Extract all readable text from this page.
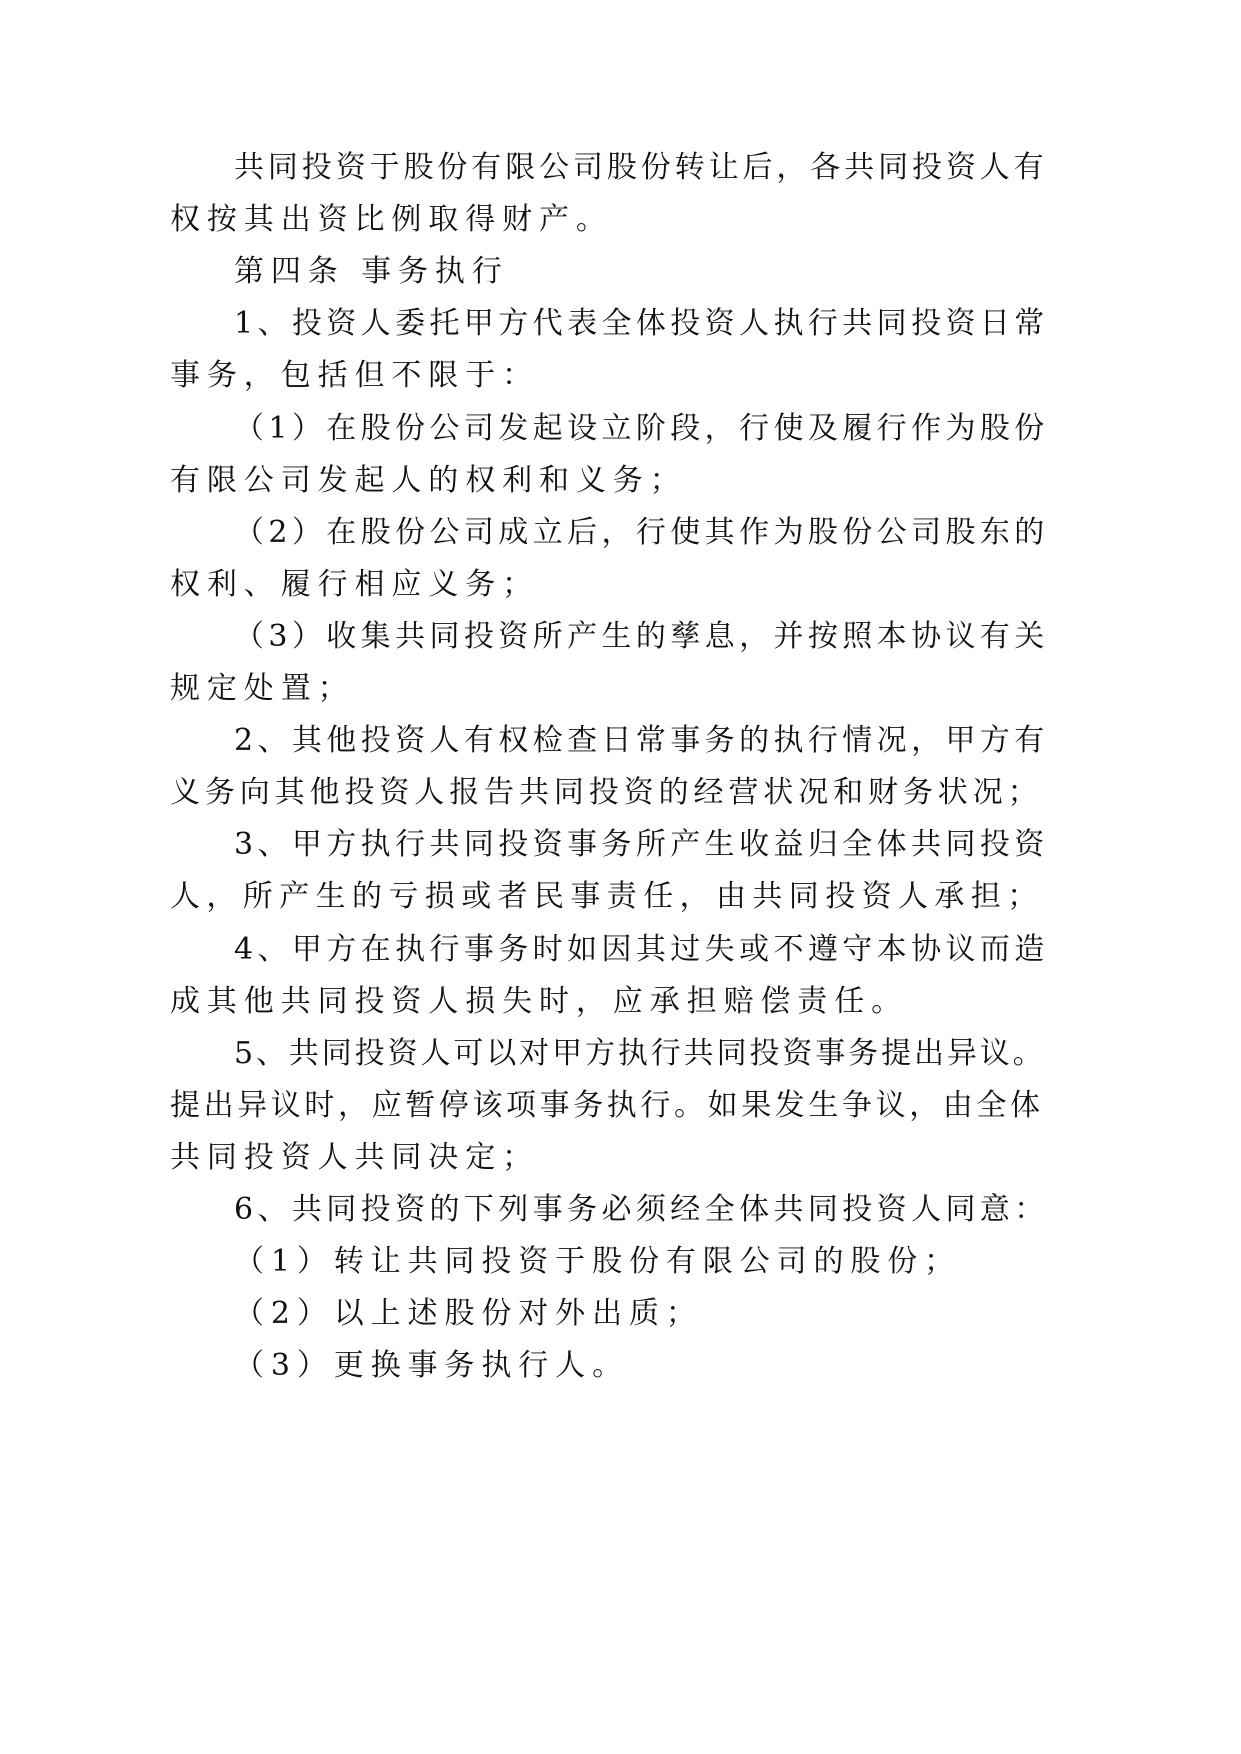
共同投资于股份有限公司股份转让后，各共同投资人有

权按其出资比例取得财产。

第四条 事务执行

1、投资人委托甲方代表全体投资人执行共同投资日常

事务，包括但不限于：

（1）在股份公司发起设立阶段，行使及履行作为股份

有限公司发起人的权利和义务；

（2）在股份公司成立后，行使其作为股份公司股东的

权利、履行相应义务；

（3）收集共同投资所产生的孳息，并按照本协议有关

规定处置；

2、其他投资人有权检查日常事务的执行情况，甲方有

义务向其他投资人报告共同投资的经营状况和财务状况；

3、甲方执行共同投资事务所产生收益归全体共同投资

人，所产生的亏损或者民事责任，由共同投资人承担；

4、甲方在执行事务时如因其过失或不遵守本协议而造

成其他共同投资人损失时，应承担赔偿责任。

5、共同投资人可以对甲方执行共同投资事务提出异议。

提出异议时，应暂停该项事务执行。如果发生争议，由全体

共同投资人共同决定；

6、共同投资的下列事务必须经全体共同投资人同意：

（1）转让共同投资于股份有限公司的股份；

（2）以上述股份对外出质；

（3）更换事务执行人。
